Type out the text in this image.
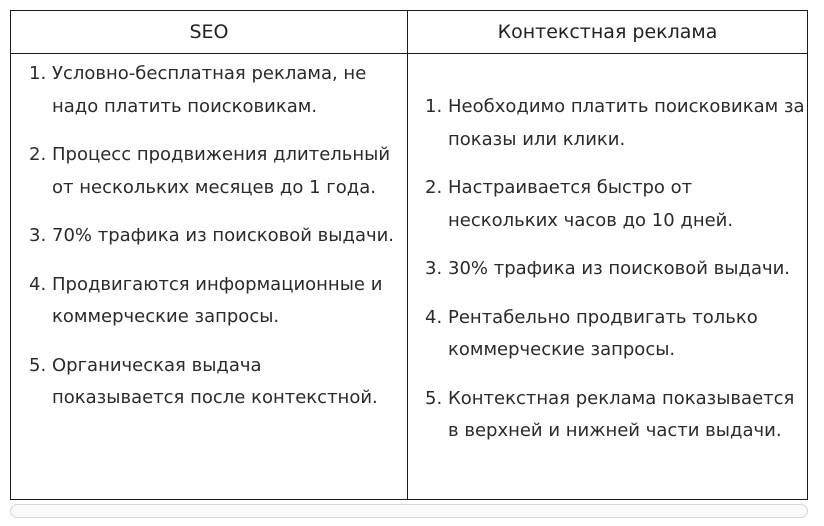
SEO	Контекстная реклама
1. Условно-бесплатная реклама, не надо платить поисковикам.
2. Процесс продвижения длительный от нескольких месяцев до 1 года.
3. 70% трафика из поисковой выдачи.
4. Продвигаются информационные и коммерческие запросы.
5. Органическая выдача показывается после контекстной.
1. Необходимо платить поисковикам за показы или клики.
2. Настраивается быстро от нескольких часов до 10 дней.
3. 30% трафика из поисковой выдачи.
4. Рентабельно продвигать только коммерческие запросы.
5. Контекстная реклама показывается в верхней и нижней части выдачи.
